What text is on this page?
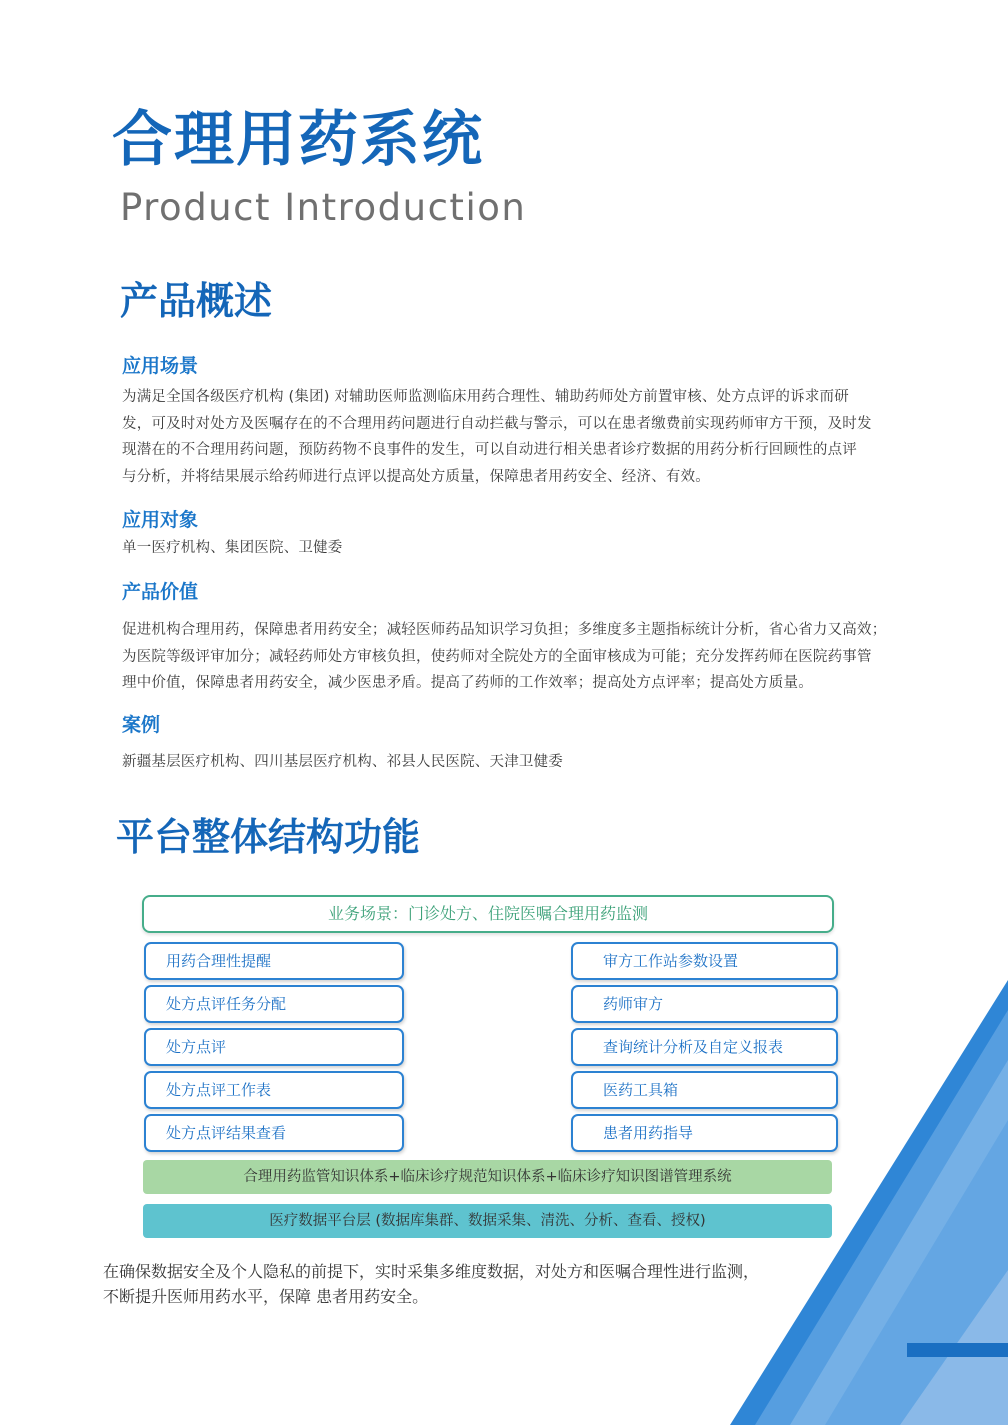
合理用药系统
Product Introduction
产品概述
应用场景
为满足全国各级医疗机构 (集团) 对辅助医师监测临床用药合理性、辅助药师处方前置审核、处方点评的诉求而研
发，可及时对处方及医嘱存在的不合理用药问题进行自动拦截与警示，可以在患者缴费前实现药师审方干预，及时发
现潜在的不合理用药问题，预防药物不良事件的发生，可以自动进行相关患者诊疗数据的用药分析行回顾性的点评
与分析，并将结果展示给药师进行点评以提高处方质量，保障患者用药安全、经济、有效。
应用对象
单一医疗机构、集团医院、卫健委
产品价值
促进机构合理用药，保障患者用药安全；减轻医师药品知识学习负担；多维度多主题指标统计分析，省心省力又高效；
为医院等级评审加分；减轻药师处方审核负担，使药师对全院处方的全面审核成为可能；充分发挥药师在医院药事管
理中价值，保障患者用药安全，减少医患矛盾。提高了药师的工作效率；提高处方点评率；提高处方质量。
案例
新疆基层医疗机构、四川基层医疗机构、祁县人民医院、天津卫健委
平台整体结构功能
业务场景：门诊处方、住院医嘱合理用药监测
用药合理性提醒
处方点评任务分配
处方点评
处方点评工作表
处方点评结果查看
审方工作站参数设置
药师审方
查询统计分析及自定义报表
医药工具箱
患者用药指导
合理用药监管知识体系+临床诊疗规范知识体系+临床诊疗知识图谱管理系统
医疗数据平台层 (数据库集群、数据采集、清洗、分析、查看、授权)
在确保数据安全及个人隐私的前提下，实时采集多维度数据，对处方和医嘱合理性进行监测，
不断提升医师用药水平，保障 患者用药安全。
